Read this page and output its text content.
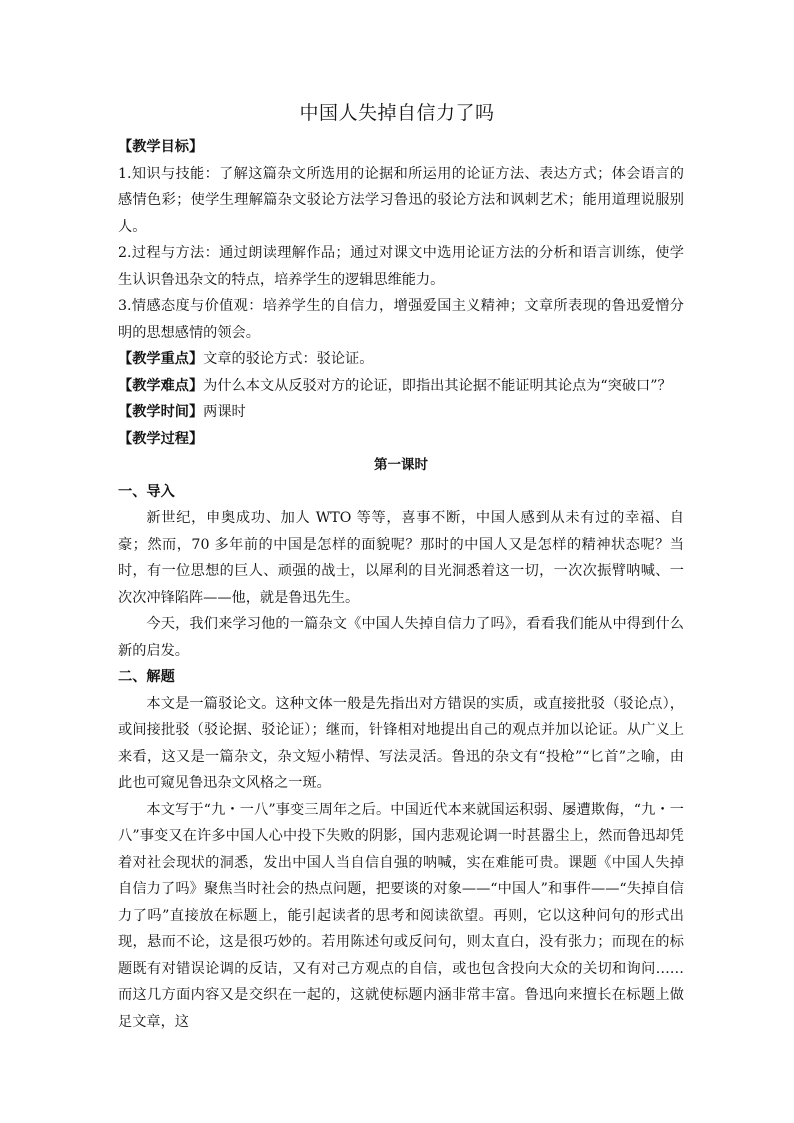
中国人失掉自信力了吗

【教学目标】

1.知识与技能：了解这篇杂文所选用的论据和所运用的论证方法、表达方式；体会语言的感情色彩；使学生理解篇杂文驳论方法学习鲁迅的驳论方法和讽刺艺术；能用道理说服别人。

2.过程与方法：通过朗读理解作品；通过对课文中选用论证方法的分析和语言训练，使学生认识鲁迅杂文的特点，培养学生的逻辑思维能力。

3.情感态度与价值观：培养学生的自信力，增强爱国主义精神；文章所表现的鲁迅爱憎分明的思想感情的领会。

【教学重点】文章的驳论方式：驳论证。

【教学难点】为什么本文从反驳对方的论证，即指出其论据不能证明其论点为“突破口”？

【教学时间】两课时

【教学过程】

第一课时

一、导入

新世纪，申奥成功、加人 WTO 等等，喜事不断，中国人感到从未有过的幸福、自豪；然而，70 多年前的中国是怎样的面貌呢？那时的中国人又是怎样的精神状态呢？当时，有一位思想的巨人、顽强的战士，以犀利的目光洞悉着这一切，一次次振臂呐喊、一次次冲锋陷阵——他，就是鲁迅先生。

今天，我们来学习他的一篇杂文《中国人失掉自信力了吗》，看看我们能从中得到什么新的启发。

二、解题

本文是一篇驳论文。这种文体一般是先指出对方错误的实质，或直接批驳（驳论点），或间接批驳（驳论据、驳论证）；继而，针锋相对地提出自己的观点并加以论证。从广义上来看，这又是一篇杂文，杂文短小精悍、写法灵活。鲁迅的杂文有“投枪”“匕首”之喻，由此也可窥见鲁迅杂文风格之一斑。

本文写于“九・一八”事变三周年之后。中国近代本来就国运积弱、屡遭欺侮，“九・一八”事变又在许多中国人心中投下失败的阴影，国内悲观论调一时甚嚣尘上，然而鲁迅却凭着对社会现状的洞悉，发出中国人当自信自强的呐喊，实在难能可贵。课题《中国人失掉自信力了吗》聚焦当时社会的热点问题，把要谈的对象——“中国人”和事件——“失掉自信力了吗”直接放在标题上，能引起读者的思考和阅读欲望。再则，它以这种问句的形式出现，悬而不论，这是很巧妙的。若用陈述句或反问句，则太直白，没有张力；而现在的标题既有对错误论调的反诘，又有对己方观点的自信，或也包含投向大众的关切和询问……而这几方面内容又是交织在一起的，这就使标题内涵非常丰富。鲁迅向来擅长在标题上做足文章，这
